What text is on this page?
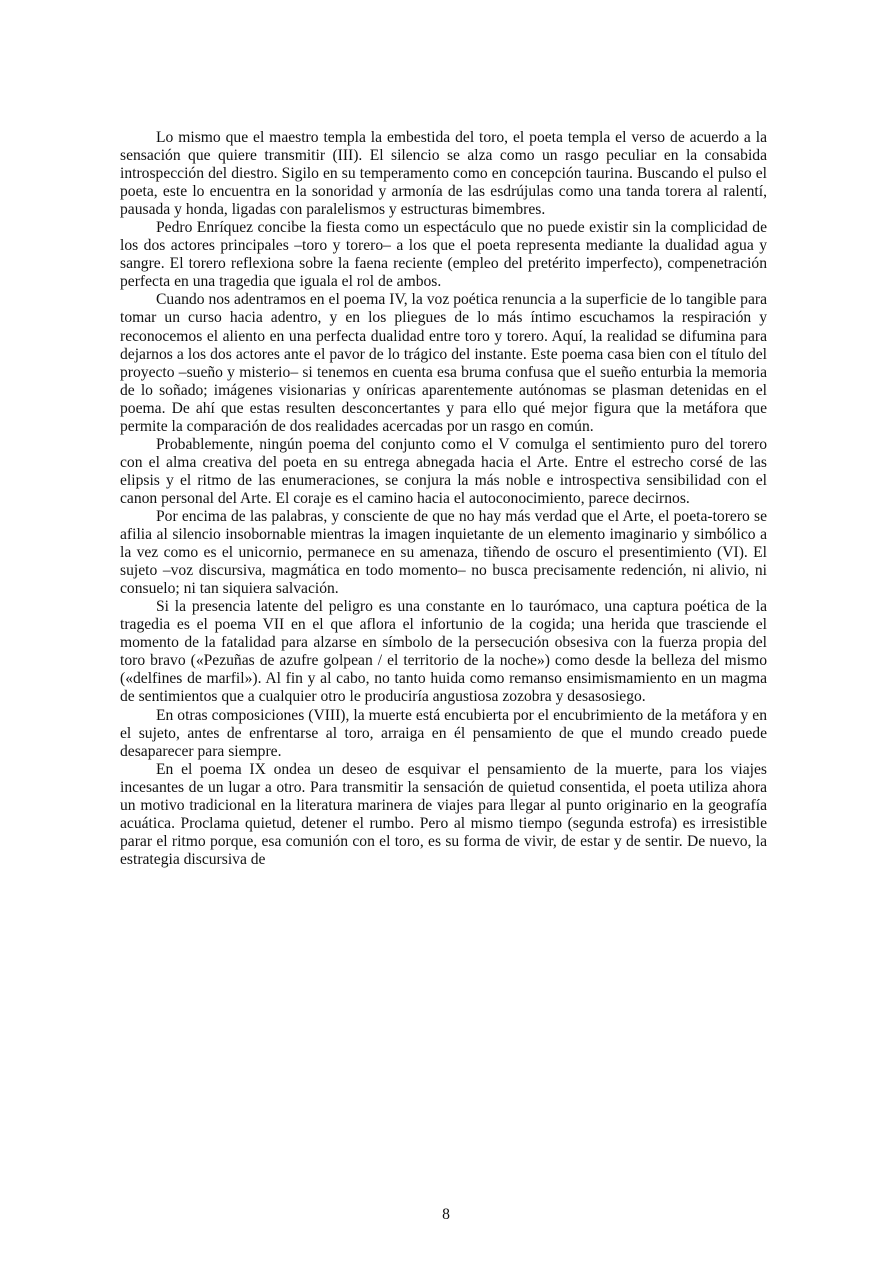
Lo mismo que el maestro templa la embestida del toro, el poeta templa el verso de acuerdo a la sensación que quiere transmitir (III). El silencio se alza como un rasgo peculiar en la consabida introspección del diestro. Sigilo en su temperamento como en concepción taurina. Buscando el pulso el poeta, este lo encuentra en la sonoridad y armonía de las esdrújulas como una tanda torera al ralentí, pausada y honda, ligadas con paralelismos y estructuras bimembres.

Pedro Enríquez concibe la fiesta como un espectáculo que no puede existir sin la complicidad de los dos actores principales –toro y torero– a los que el poeta representa mediante la dualidad agua y sangre. El torero reflexiona sobre la faena reciente (empleo del pretérito imperfecto), compenetración perfecta en una tragedia que iguala el rol de ambos.

Cuando nos adentramos en el poema IV, la voz poética renuncia a la superficie de lo tangible para tomar un curso hacia adentro, y en los pliegues de lo más íntimo escuchamos la respiración y reconocemos el aliento en una perfecta dualidad entre toro y torero. Aquí, la realidad se difumina para dejarnos a los dos actores ante el pavor de lo trágico del instante. Este poema casa bien con el título del proyecto –sueño y misterio– si tenemos en cuenta esa bruma confusa que el sueño enturbia la memoria de lo soñado; imágenes visionarias y oníricas aparentemente autónomas se plasman detenidas en el poema. De ahí que estas resulten desconcertantes y para ello qué mejor figura que la metáfora que permite la comparación de dos realidades acercadas por un rasgo en común.

Probablemente, ningún poema del conjunto como el V comulga el sentimiento puro del torero con el alma creativa del poeta en su entrega abnegada hacia el Arte. Entre el estrecho corsé de las elipsis y el ritmo de las enumeraciones, se conjura la más noble e introspectiva sensibilidad con el canon personal del Arte. El coraje es el camino hacia el autoconocimiento, parece decirnos.

Por encima de las palabras, y consciente de que no hay más verdad que el Arte, el poeta-torero se afilia al silencio insobornable mientras la imagen inquietante de un elemento imaginario y simbólico a la vez como es el unicornio, permanece en su amenaza, tiñendo de oscuro el presentimiento (VI). El sujeto –voz discursiva, magmática en todo momento– no busca precisamente redención, ni alivio, ni consuelo; ni tan siquiera salvación.

Si la presencia latente del peligro es una constante en lo taurómaco, una captura poética de la tragedia es el poema VII en el que aflora el infortunio de la cogida; una herida que trasciende el momento de la fatalidad para alzarse en símbolo de la persecución obsesiva con la fuerza propia del toro bravo («Pezuñas de azufre golpean / el territorio de la noche») como desde la belleza del mismo («delfines de marfil»). Al fin y al cabo, no tanto huida como remanso ensimismamiento en un magma de sentimientos que a cualquier otro le produciría angustiosa zozobra y desasosiego.

En otras composiciones (VIII), la muerte está encubierta por el encubrimiento de la metáfora y en el sujeto, antes de enfrentarse al toro, arraiga en él pensamiento de que el mundo creado puede desaparecer para siempre.

En el poema IX ondea un deseo de esquivar el pensamiento de la muerte, para los viajes incesantes de un lugar a otro. Para transmitir la sensación de quietud consentida, el poeta utiliza ahora un motivo tradicional en la literatura marinera de viajes para llegar al punto originario en la geografía acuática. Proclama quietud, detener el rumbo. Pero al mismo tiempo (segunda estrofa) es irresistible parar el ritmo porque, esa comunión con el toro, es su forma de vivir, de estar y de sentir. De nuevo, la estrategia discursiva de

8
